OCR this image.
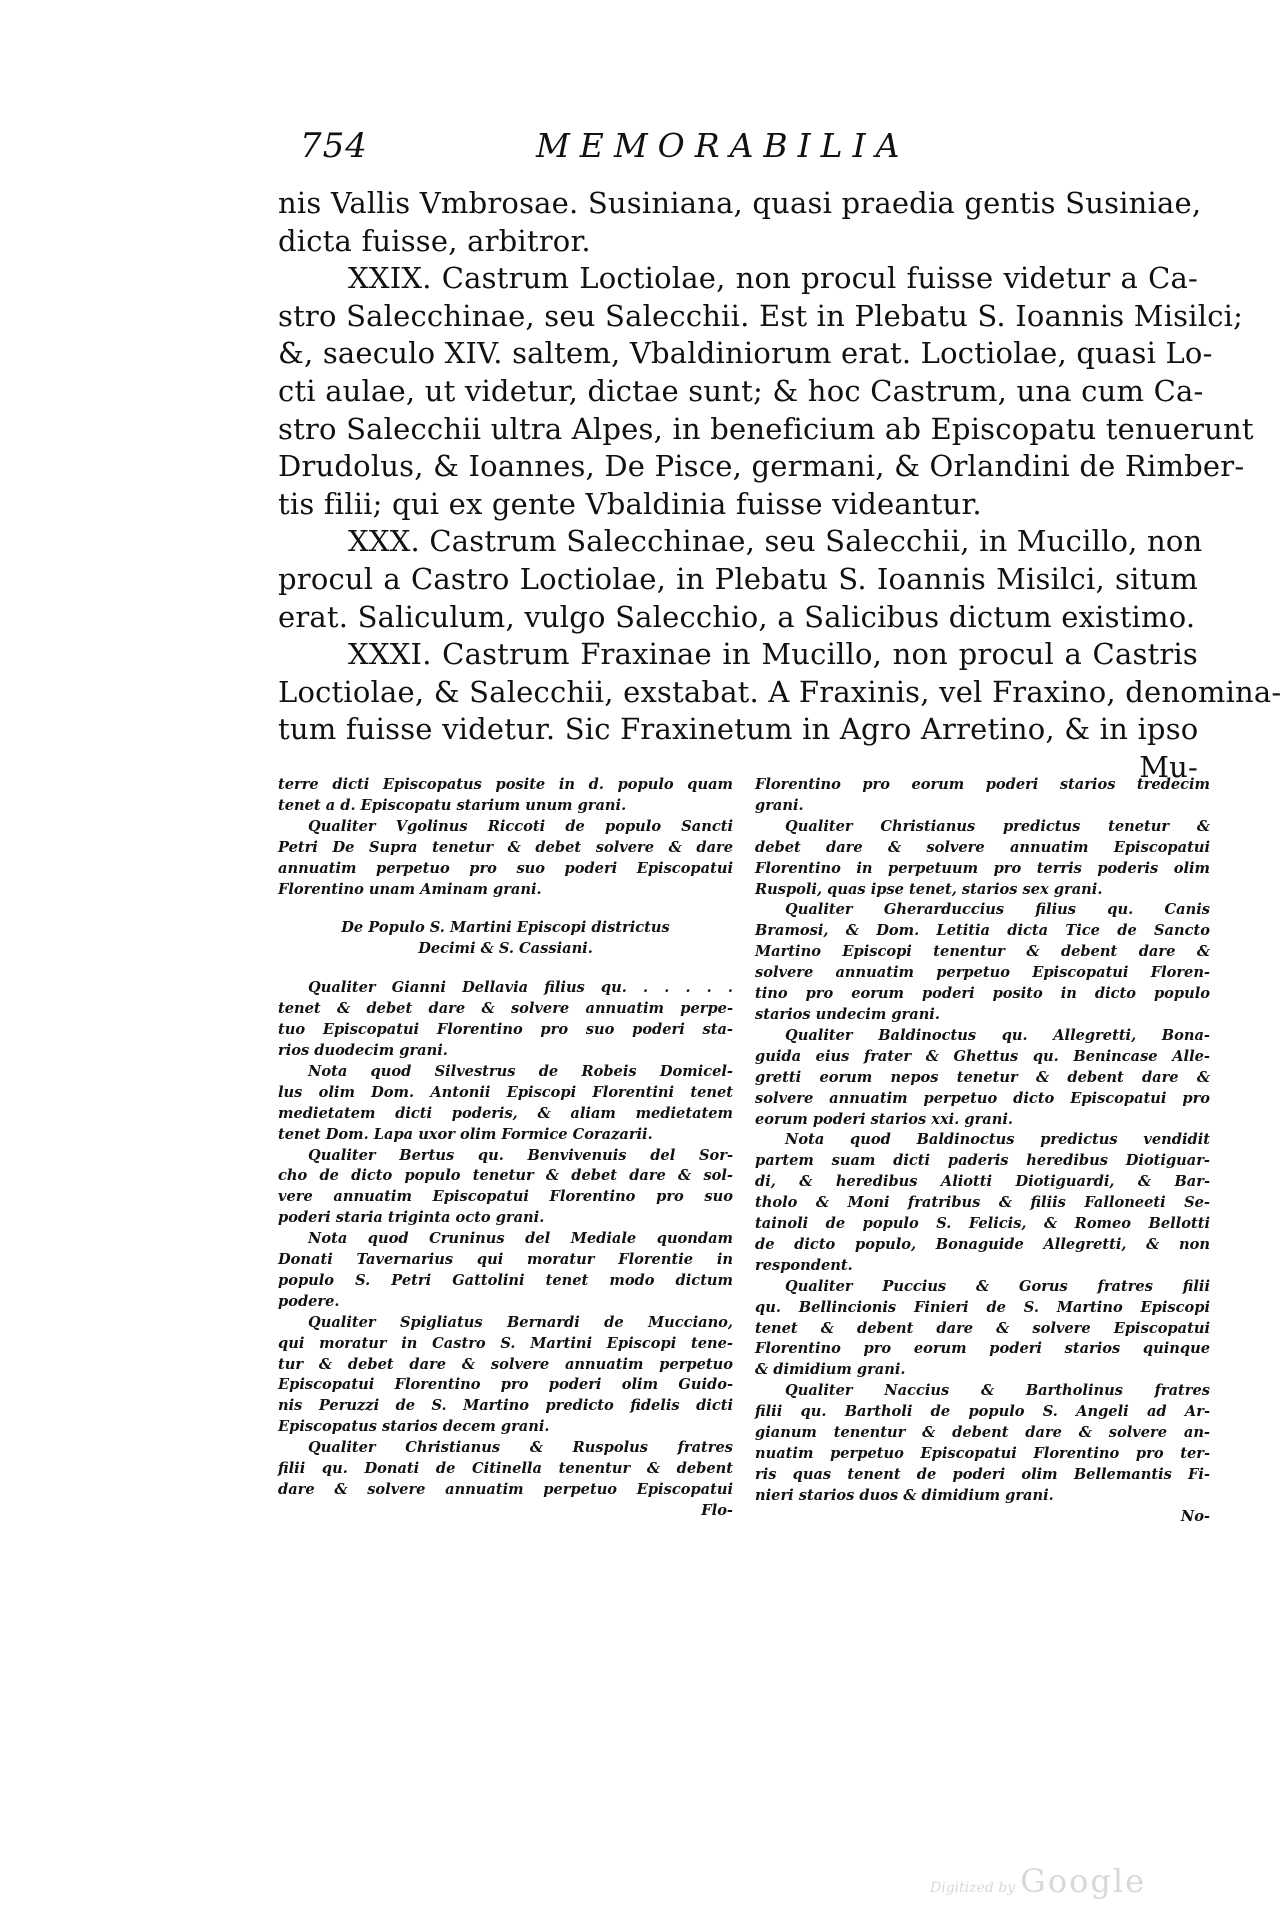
754	MEMORABILIA

nis Vallis Vmbrosae. Susiniana, quasi praedia gentis Susiniae,

dicta fuisse, arbitror.

XXIX. Castrum Loctiolae, non procul fuisse videtur a Ca-

stro Salecchinae, seu Salecchii. Est in Plebatu S. Ioannis Misilci;

&, saeculo XIV. saltem, Vbaldiniorum erat. Loctiolae, quasi Lo-

cti aulae, ut videtur, dictae sunt; & hoc Castrum, una cum Ca-

stro Salecchii ultra Alpes, in beneficium ab Episcopatu tenuerunt

Drudolus, & Ioannes, De Pisce, germani, & Orlandini de Rimber-

tis filii; qui ex gente Vbaldinia fuisse videantur.

XXX. Castrum Salecchinae, seu Salecchii, in Mucillo, non

procul a Castro Loctiolae, in Plebatu S. Ioannis Misilci, situm

erat. Saliculum, vulgo Salecchio, a Salicibus dictum existimo.

XXXI. Castrum Fraxinae in Mucillo, non procul a Castris

Loctiolae, & Salecchii, exstabat. A Fraxinis, vel Fraxino, denomina-

tum fuisse videtur. Sic Fraxinetum in Agro Arretino, & in ipso

Mu-

terre dicti Episcopatus posite in d. populo quam

tenet a d. Episcopatu starium unum grani.

Qualiter Vgolinus Riccoti de populo Sancti

Petri De Supra tenetur & debet solvere & dare

annuatim perpetuo pro suo poderi Episcopatui

Florentino unam Aminam grani.

De Populo S. Martini Episcopi districtus

Decimi & S. Cassiani.

Qualiter Gianni Dellavia filius qu. . . . . .

tenet & debet dare & solvere annuatim perpe-

tuo Episcopatui Florentino pro suo poderi sta-

rios duodecim grani.

Nota quod Silvestrus de Robeis Domicel-

lus olim Dom. Antonii Episcopi Florentini tenet

medietatem dicti poderis, & aliam medietatem

tenet Dom. Lapa uxor olim Formice Corazarii.

Qualiter Bertus qu. Benvivenuis del Sor-

cho de dicto populo tenetur & debet dare & sol-

vere annuatim Episcopatui Florentino pro suo

poderi staria triginta octo grani.

Nota quod Cruninus del Mediale quondam

Donati Tavernarius qui moratur Florentie in

populo S. Petri Gattolini tenet modo dictum

podere.

Qualiter Spigliatus Bernardi de Mucciano,

qui moratur in Castro S. Martini Episcopi tene-

tur & debet dare & solvere annuatim perpetuo

Episcopatui Florentino pro poderi olim Guido-

nis Peruzzi de S. Martino predicto fidelis dicti

Episcopatus starios decem grani.

Qualiter Christianus & Ruspolus fratres

filii qu. Donati de Citinella tenentur & debent

dare & solvere annuatim perpetuo Episcopatui

Flo-

Florentino pro eorum poderi starios tredecim

grani.

Qualiter Christianus predictus tenetur &

debet dare & solvere annuatim Episcopatui

Florentino in perpetuum pro terris poderis olim

Ruspoli, quas ipse tenet, starios sex grani.

Qualiter Gherarduccius filius qu. Canis

Bramosi, & Dom. Letitia dicta Tice de Sancto

Martino Episcopi tenentur & debent dare &

solvere annuatim perpetuo Episcopatui Floren-

tino pro eorum poderi posito in dicto populo

starios undecim grani.

Qualiter Baldinoctus qu. Allegretti, Bona-

guida eius frater & Ghettus qu. Benincase Alle-

gretti eorum nepos tenetur & debent dare &

solvere annuatim perpetuo dicto Episcopatui pro

eorum poderi starios xxi. grani.

Nota quod Baldinoctus predictus vendidit

partem suam dicti paderis heredibus Diotiguar-

di, & heredibus Aliotti Diotiguardi, & Bar-

tholo & Moni fratribus & filiis Falloneeti Se-

tainoli de populo S. Felicis, & Romeo Bellotti

de dicto populo, Bonaguide Allegretti, & non

respondent.

Qualiter Puccius & Gorus fratres filii

qu. Bellincionis Finieri de S. Martino Episcopi

tenet & debent dare & solvere Episcopatui

Florentino pro eorum poderi starios quinque

& dimidium grani.

Qualiter Naccius & Bartholinus fratres

filii qu. Bartholi de populo S. Angeli ad Ar-

gianum tenentur & debent dare & solvere an-

nuatim perpetuo Episcopatui Florentino pro ter-

ris quas tenent de poderi olim Bellemantis Fi-

nieri starios duos & dimidium grani.

No-

Digitized by Google
